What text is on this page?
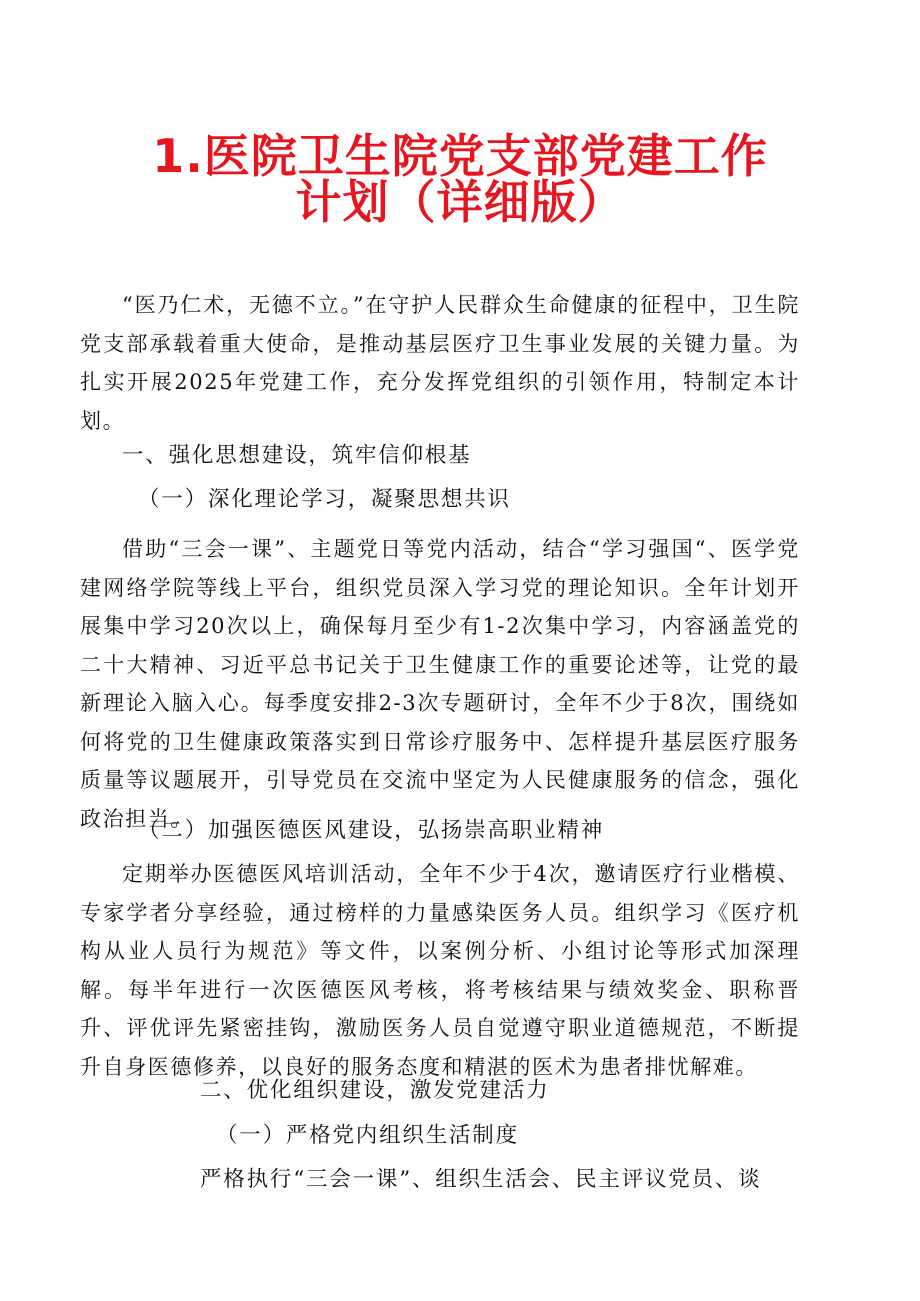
1.医院卫生院党支部党建工作
计划（详细版）
“医乃仁术，无德不立。”在守护人民群众生命健康的征程中，卫生院党支部承载着重大使命，是推动基层医疗卫生事业发展的关键力量。为扎实开展2025年党建工作，充分发挥党组织的引领作用，特制定本计划。
一、强化思想建设，筑牢信仰根基
（一）深化理论学习，凝聚思想共识
借助“三会一课”、主题党日等党内活动，结合“学习强国“、医学党建网络学院等线上平台，组织党员深入学习党的理论知识。全年计划开展集中学习20次以上，确保每月至少有1-2次集中学习，内容涵盖党的二十大精神、习近平总书记关于卫生健康工作的重要论述等，让党的最新理论入脑入心。每季度安排2-3次专题研讨，全年不少于8次，围绕如何将党的卫生健康政策落实到日常诊疗服务中、怎样提升基层医疗服务质量等议题展开，引导党员在交流中坚定为人民健康服务的信念，强化政治担当。
（二）加强医德医风建设，弘扬崇高职业精神
定期举办医德医风培训活动，全年不少于4次，邀请医疗行业楷模、专家学者分享经验，通过榜样的力量感染医务人员。组织学习《医疗机构从业人员行为规范》等文件，以案例分析、小组讨论等形式加深理解。每半年进行一次医德医风考核，将考核结果与绩效奖金、职称晋升、评优评先紧密挂钩，激励医务人员自觉遵守职业道德规范，不断提升自身医德修养，以良好的服务态度和精湛的医术为患者排忧解难。
二、优化组织建设，激发党建活力
（一）严格党内组织生活制度
严格执行“三会一课”、组织生活会、民主评议党员、谈
